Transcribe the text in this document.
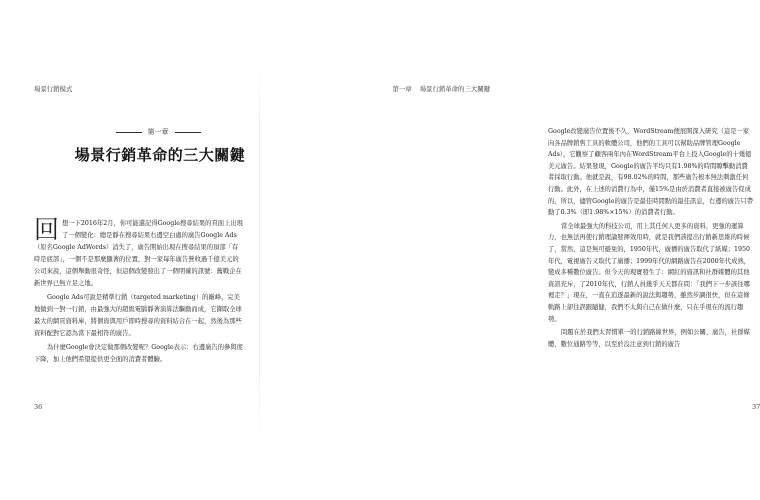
場景行銷模式
第一章
場景行銷革命的三大關鍵

回想一下2016年2月，你可能還記得Google搜尋結果的頁面上出現了一個變化：總是靜在搜尋結果右邊空白處的廣告Google Ads（原名Google AdWords）消失了，廣告開始出現在搜尋結果的頂部「有時是底部」，一個不是那麼顯著的位置，對一家每年廣告營收過千億美元的公司來說，這個舉動很奇怪，但這個改變發出了一個明確的訊號：舊戰企在新世界已無立足之地。

Google Ads可說是精準行銷（targeted marketing）的巔峰，完美地做到一對一行銷，由最強大的超級電腦靜著演算法驅動而成，它擷取全球最大的網頁資料庫，將個資與用戶即時搜尋的資料結合在一起，然後為那些資料配對它認為當下最相符的廣告。

為什麼Google會決定做那個改變呢？Google表示：右邊廣告的參與度下降，加上他們希望提供更全面的消費者體驗。

36
第一章 場景行銷革命的三大關鍵

Google改變廣告位置後不久，WordStream便展開深入研究（這是一家向各品牌銷售工具的軟體公司，他們的工具可以幫助品牌管理Google Ads），它觀察了顧客兩年內在WordStream平台上投入Google的十幾億美元廣告。結果發現，Google的廣告平均只有1.98%的時間瞭擊動消費者採取行動。他就是說，有98.02%的時間，那些廣告根本無法刺激任何行動。此外，在上述的消費行為中，僅15%是由於消費者直接被廣告促成的，所以，儘管Google的廣告是最佳時間點的最佳訊息，右邊的廣告只帶動了0.3%（即1.98%×15%）的消費者行動。

當全球最強大的科技公司，用上其任何人更多的資料，更強的運算力，也無法再使行銷理論發揮效用時，就是我們該提出行銷新思維的時候了，當然，這是無可避免的，1950年代，廣播的廣告取代了紙媒；1950年代，電視廣告又取代了廣播；1999年代的網路廣告在2000年代成熟，變成多種數位廣告。但今天的現實發生了：網紅的資訊和社群媒體的其他資訊充斥，了2010年代，行銷人員幾乎天天都在問：「我們下一步該往哪裡走？」現在，一直在追逐最新的說法與趨勢，雖然步調很快，但在這條軌路上卻往誤跟隨健，我們不太與自己在做什麼，只在乎現在的流行趨勢。

問題在於我們太習慣單一的行銷路線世界，例如公關、廣告，社群媒體、數位通路等等，以至於沒注意到行銷的廣告

37
